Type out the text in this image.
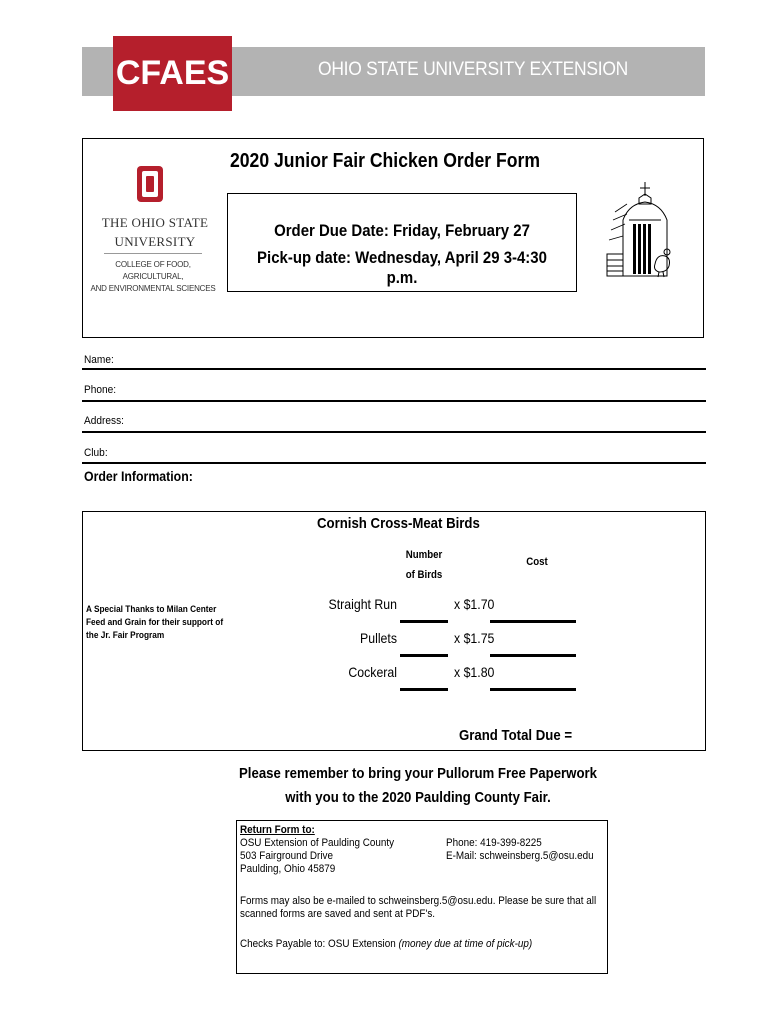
CFAES	OHIO STATE UNIVERSITY EXTENSION
2020 Junior Fair Chicken Order Form
THE OHIO STATE
UNIVERSITY
COLLEGE OF FOOD, AGRICULTURAL,
AND ENVIRONMENTAL SCIENCES
Order Due Date: Friday, February 27
Pick-up date: Wednesday, April 29 3-4:30 p.m.
Name:
Phone:
Address:
Club:
Order Information:
Cornish Cross-Meat Birds
Number
of Birds
Cost
A Special Thanks to Milan Center Feed and Grain for their support of the Jr. Fair Program
Straight Run	x $1.70
Pullets	x $1.75
Cockeral	x $1.80
Grand Total Due =
Please remember to bring your Pullorum Free Paperwork
with you to the 2020 Paulding County Fair.
Return Form to:
OSU Extension of Paulding County
503 Fairground Drive
Paulding, Ohio 45879
Phone: 419-399-8225
E-Mail: schweinsberg.5@osu.edu
Forms may also be e-mailed to schweinsberg.5@osu.edu. Please be sure that all
scanned forms are saved and sent at PDF's.
Checks Payable to: OSU Extension (money due at time of pick-up)
